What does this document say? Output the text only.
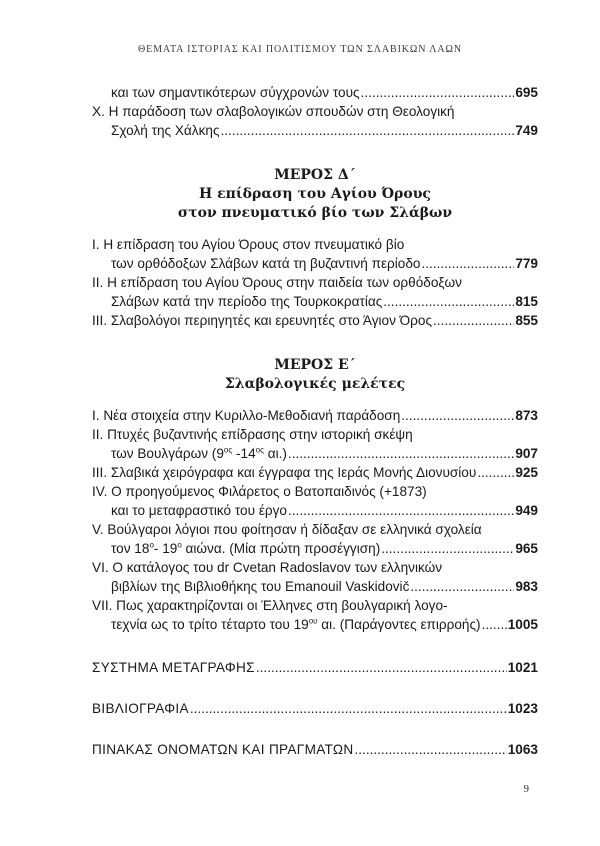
ΘΕΜΑΤΑ ΙΣΤΟΡΙΑΣ ΚΑΙ ΠΟΛΙΤΙΣΜΟΥ ΤΩΝ ΣΛΑΒΙΚΩΝ ΛΑΩΝ
και των σημαντικότερων σύγχρονών τους .....	695
X. Η παράδοση των σλαβολογικών σπουδών στη Θεολογική
Σχολή της Χάλκης .....	749
ΜΕΡΟΣ Δ΄
Η επίδραση του Αγίου Όρους
στον πνευματικό βίο των Σλάβων
I. Η επίδραση του Αγίου Όρους στον πνευματικό βίο
των ορθόδοξων Σλάβων κατά τη βυζαντινή περίοδο .....	779
II. Η επίδραση του Αγίου Όρους στην παιδεία των ορθόδοξων
Σλάβων κατά την περίοδο της Τουρκοκρατίας .....	815
III. Σλαβολόγοι περιηγητές και ερευνητές στο Άγιον Όρος .....	855
ΜΕΡΟΣ Ε΄
Σλαβολογικές μελέτες
I. Νέα στοιχεία στην Κυριλλο-Μεθοδιανή παράδοση .....	873
II. Πτυχές βυζαντινής επίδρασης στην ιστορική σκέψη
των Βουλγάρων ($9^{o\varsigma}$ $-14^{o\varsigma}$ αι.) .....	907
III. Σλαβικά χειρόγραφα και έγγραφα της Ιεράς Μονής Διονυσίου .....	925
IV. Ο προηγούμενος Φιλάρετος ο Βατοπαιδινός (+1873)
και το μεταφραστικό του έργο .....	949
V. Βούλγαροι λόγιοι που φοίτησαν ή δίδαξαν σε ελληνικά σχολεία
τον $18^o-$ $19^o$ αιώνα. (Μία πρώτη προσέγγιση) .....	965
VI. Ο κατάλογος του dr Cvetan Radoslavov των ελληνικών
βιβλίων της Βιβλιοθήκης του Emanouil Vaskidovič .....	983
VII. Πως χαρακτηρίζονται οι Έλληνες στη βουλγαρική λογο-
τεχνία ως το τρίτο τέταρτο του $19^{o\upsilon}$ αι. (Παράγοντες επιρροής) ..... 1005
ΣΥΣΤΗΜΑ ΜΕΤΑΓΡΑΦΗΣ .....	1021
ΒΙΒΛΙΟΓΡΑΦΙΑ .....	1023
ΠΙΝΑΚΑΣ ΟΝΟΜΑΤΩΝ ΚΑΙ ΠΡΑΓΜΑΤΩΝ .....	1063
9
